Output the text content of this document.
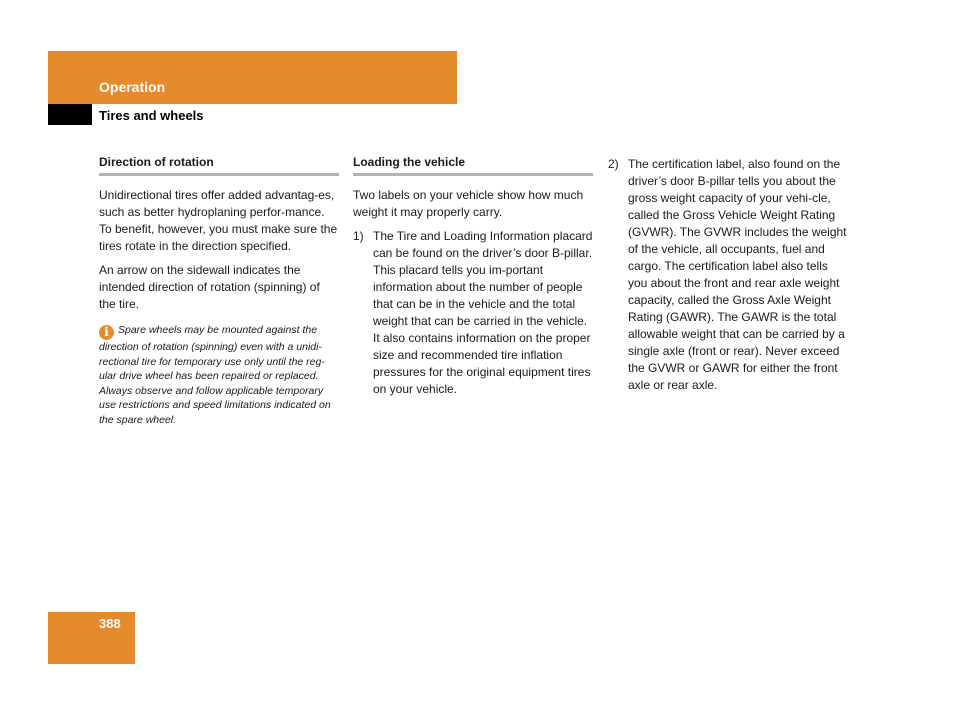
Operation
Tires and wheels
Direction of rotation

Unidirectional tires offer added advantag-es, such as better hydroplaning perfor-mance. To benefit, however, you must make sure the tires rotate in the direction specified.

An arrow on the sidewall indicates the intended direction of rotation (spinning) of the tire.

i Spare wheels may be mounted against the direction of rotation (spinning) even with a unidi-rectional tire for temporary use only until the reg-ular drive wheel has been repaired or replaced. Always observe and follow applicable temporary use restrictions and speed limitations indicated on the spare wheel.
Loading the vehicle

Two labels on your vehicle show how much weight it may properly carry.

1) The Tire and Loading Information placard can be found on the driver’s door B-pillar. This placard tells you im-portant information about the number of people that can be in the vehicle and the total weight that can be carried in the vehicle. It also contains information on the proper size and recommended tire inflation pressures for the original equipment tires on your vehicle.
2) The certification label, also found on the driver’s door B-pillar tells you about the gross weight capacity of your vehi-cle, called the Gross Vehicle Weight Rating (GVWR). The GVWR includes the weight of the vehicle, all occupants, fuel and cargo. The certification label also tells you about the front and rear axle weight capacity, called the Gross Axle Weight Rating (GAWR). The GAWR is the total allowable weight that can be carried by a single axle (front or rear). Never exceed the GVWR or GAWR for either the front axle or rear axle.
388
